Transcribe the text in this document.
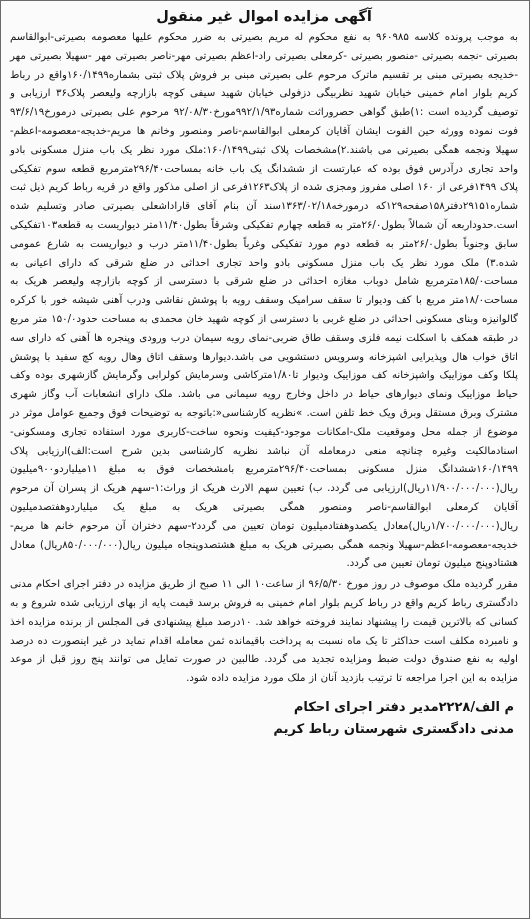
آگهی مزایده اموال غیر منقول

به موجب پرونده کلاسه ۹۶۰۹۸۵ به نفع محکوم له مریم بصیرتی به ضرر محکوم علیها معصومه بصیرتی-ابوالقاسم بصیرتی -نجمه بصیرتی -منصور بصیرتی -کرمعلی بصیرتی راد-اعظم بصیرتی مهر-ناصر بصیرتی مهر -سهیلا بصیرتی مهر -خدیجه بصیرتی مبنی بر تقسیم ماترک مرحوم علی بصیرتی مبنی بر فروش پلاک ثبتی بشماره۱۶۰/۱۴۹۹واقع در رباط کریم بلوار امام خمینی خیابان شهید نظربیگی دزفولی خیابان شهید سیفی کوچه بازارچه ولیعصر پلاک۳۶ ارزیابی و توصیف گردیده است :۱)طبق گواهی حصروراثت شماره۹۹۲/۱/۹۳مورخ۹۲/۰۸/۳۰ مرحوم علی بصیرتی درمورخ۹۳/۶/۱۹ فوت نموده وورثه حین الفوت ایشان آقایان کرمعلی ابوالقاسم-ناصر ومنصور وخانم ها مریم-خدیجه-معصومه-اعظم-سهیلا ونجمه همگی بصیرتی می باشند.۲)مشخصات پلاک ثبتی۱۶۰/۱۴۹۹:ملک مورد نظر یک باب منزل مسکونی بادو واحد تجاری درآدرس فوق بوده که عبارتست از ششدانگ یک باب خانه بمساحت۲۹۶/۴۰مترمربع قطعه سوم تفکیکی پلاک ۱۴۹۹فرعی از ۱۶۰ اصلی مفروز ومجزی شده از پلاک۱۲۶۳فرعی از اصلی مذکور واقع در قریه رباط کریم ذیل ثبت شماره۲۹۱۵۱دفتر۱۵۸صفحه۱۲۹که درمورخه۱۳۶۳/۰۲/۱۸سند آن بنام آقای قاراداشعلی بصیرتی صادر وتسلیم شده است.حدوداربعه آن شمالاً بطول۲۶/۰متر به قطعه چهارم تفکیکی وشرقاً بطول۱۱/۴۰متر دیواریست به قطعه۱۰۳تفکیکی سابق وجنوباً بطول۲۶/۰متر به قطعه دوم مورد تفکیکی وغرباً بطول۱۱/۴۰متر درب و دیواریست به شارع عمومی شده.۳) ملک مورد نظر یک باب منزل مسکونی بادو واحد تجاری احداثی در ضلع شرقی که دارای اعیانی به مساحت۱۸۵/۰مترمربع شامل دوباب مغازه احداثی در ضلع شرقی با دسترسی از کوچه بازارچه ولیعصر هریک به مساحت۱۸/۰متر مربع با کف ودیوار تا سقف سرامیک وسقف رویه با پوشش نقاشی ودرب آهنی شیشه خور با کرکره گالوانیزه وبنای مسکونی احداثی در ضلع غربی با دسترسی از کوچه شهید خان محمدی به مساحت حدود۱۵۰/۰ متر مربع در طبقه همکف با اسکلت نیمه فلزی وسقف طاق ضربی-نمای رویه سیمان درب ورودی وپنجره ها آهنی که دارای سه اتاق خواب هال وپذیرایی اشپزخانه وسرویس دستشویی می باشد.دیوارها وسقف اتاق وهال رویه کچ سفید با پوشش پلکا وکف موزاییک واشپزخانه کف موزاییک ودیوار تا۱/۸۰مترکاشی وسرمایش کولرابی وگرمایش گازشهری بوده وکف حیاط موزاییک ونمای دیوارهای حیاط در داخل وخارج رویه سیمانی می باشد. ملک دارای انشعابات آب وگاز شهری مشترک وبرق مستقل وبرق ویک خط تلفن است. »نظریه کارشناسی«:باتوجه به توضیحات فوق وجمیع عوامل موثر در موضوع از جمله محل وموقعیت ملک-امکانات موجود-کیفیت ونحوه ساخت-کاربری مورد استفاده تجاری ومسکونی-اسنادمالکیت وغیره چنانچه منعی درمعامله آن نباشد نظریه کارشناسی بدین شرح است:الف)ارزیابی پلاک ۱۶۰/۱۴۹۹ششدانگ منزل مسکونی بمساحت۲۹۶/۴۰مترمربع بامشخصات فوق به مبلغ ۱۱میلیاردو۹۰۰میلیون ریال(۱۱/۹۰۰/۰۰۰/۰۰۰ریال)ارزیابی می گردد. ب) تعیین سهم الارث هریک از وراث:۱-سهم هریک از پسران آن مرحوم آقایان کرمعلی ابوالقاسم-ناصر ومنصور همگی بصیرتی هریک به مبلغ یک میلیاردوهفتصدمیلیون ریال(۱/۷۰۰/۰۰۰/۰۰۰ریال)معادل یکصدوهفتادمیلیون تومان تعیین می گردد۲-سهم دختران آن مرحوم خانم ها مریم-خدیجه-معصومه-اعظم-سهیلا ونجمه همگی بصیرتی هریک به مبلغ هشتصدوپنجاه میلیون ریال(۸۵۰/۰۰۰/۰۰۰ریال) معادل هشتادوپنج میلیون تومان تعیین می گردد.

مقرر گردیده ملک موصوف در روز مورخ ۹۶/۵/۳۰ از ساعت۱۰ الی ۱۱ صبح از طریق مزایده در دفتر اجرای احکام مدنی دادگستری رباط کریم واقع در رباط کریم بلوار امام خمینی به فروش برسد قیمت پایه از بهای ارزیابی شده شروع و به کسانی که بالاترین قیمت را پیشنهاد نمایند فروخته خواهد شد. ۱۰درصد مبلغ پیشنهادی فی المجلس از برنده مزایده اخذ و نامبرده مکلف است حداکثر تا یک ماه نسبت به پرداخت باقیمانده ثمن معامله اقدام نماید در غیر اینصورت ده درصد اولیه به نفع صندوق دولت ضبط ومزایده تجدید می گردد. طالبین در صورت تمایل می توانند پنج روز قبل از موعد مزایده به این اجرا مراجعه تا ترتیب بازدید آنان از ملک مورد مزایده داده شود.

م الف/۲۲۲۸مدیر دفتر اجرای احکام
مدنی دادگستری شهرستان رباط کریم
